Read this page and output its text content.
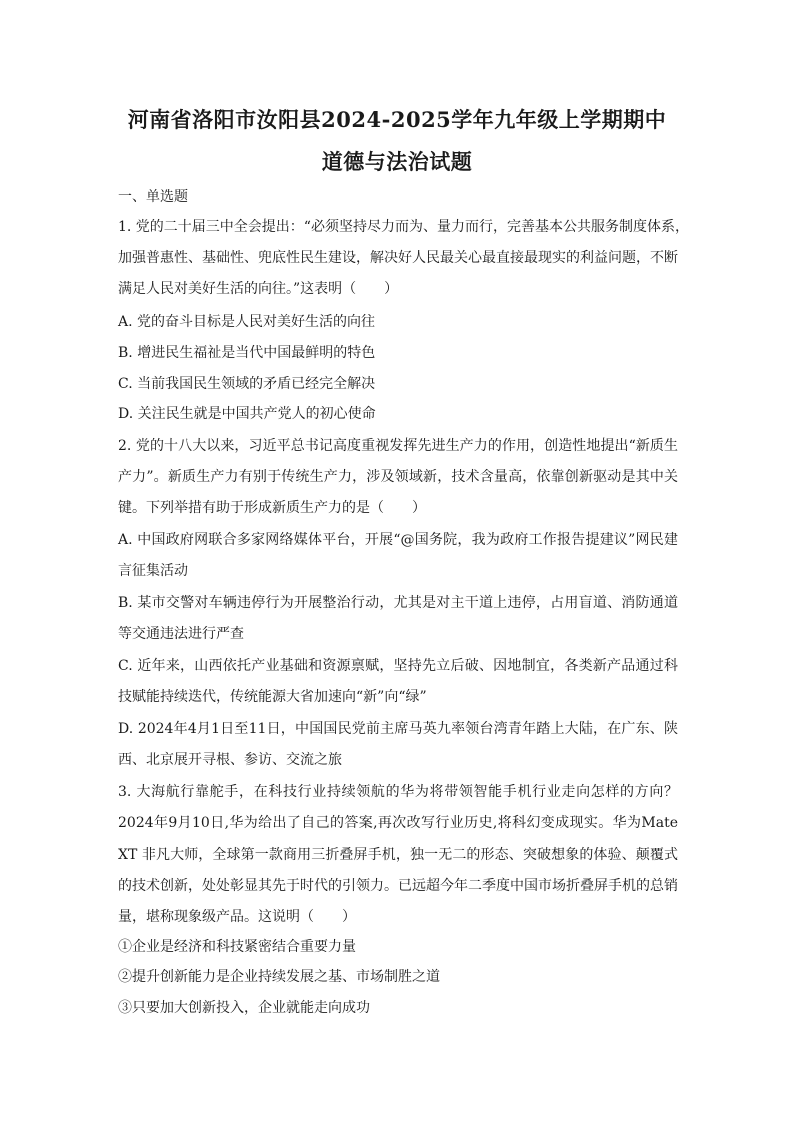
河南省洛阳市汝阳县2024-2025学年九年级上学期期中
道德与法治试题
一、单选题
1. 党的二十届三中全会提出：“必须坚持尽力而为、量力而行，完善基本公共服务制度体系，
加强普惠性、基础性、兜底性民生建设，解决好人民最关心最直接最现实的利益问题，不断
满足人民对美好生活的向往。”这表明（　　）
A. 党的奋斗目标是人民对美好生活的向往
B. 增进民生福祉是当代中国最鲜明的特色
C. 当前我国民生领域的矛盾已经完全解决
D. 关注民生就是中国共产党人的初心使命
2. 党的十八大以来，习近平总书记高度重视发挥先进生产力的作用，创造性地提出“新质生
产力”。新质生产力有别于传统生产力，涉及领域新，技术含量高，依靠创新驱动是其中关
键。下列举措有助于形成新质生产力的是（　　）
A. 中国政府网联合多家网络媒体平台，开展“@国务院，我为政府工作报告提建议”网民建
言征集活动
B. 某市交警对车辆违停行为开展整治行动，尤其是对主干道上违停，占用盲道、消防通道
等交通违法进行严查
C. 近年来，山西依托产业基础和资源禀赋，坚持先立后破、因地制宜，各类新产品通过科
技赋能持续迭代，传统能源大省加速向“新”向“绿”
D. 2024年4月1日至11日，中国国民党前主席马英九率领台湾青年踏上大陆，在广东、陕
西、北京展开寻根、参访、交流之旅
3. 大海航行靠舵手，在科技行业持续领航的华为将带领智能手机行业走向怎样的方向？
2024年9月10日,华为给出了自己的答案,再次改写行业历史,将科幻变成现实。华为Mate
XT 非凡大师，全球第一款商用三折叠屏手机，独一无二的形态、突破想象的体验、颠覆式
的技术创新，处处彰显其先于时代的引领力。已远超今年二季度中国市场折叠屏手机的总销
量，堪称现象级产品。这说明（　　）
①企业是经济和科技紧密结合重要力量
②提升创新能力是企业持续发展之基、市场制胜之道
③只要加大创新投入，企业就能走向成功
